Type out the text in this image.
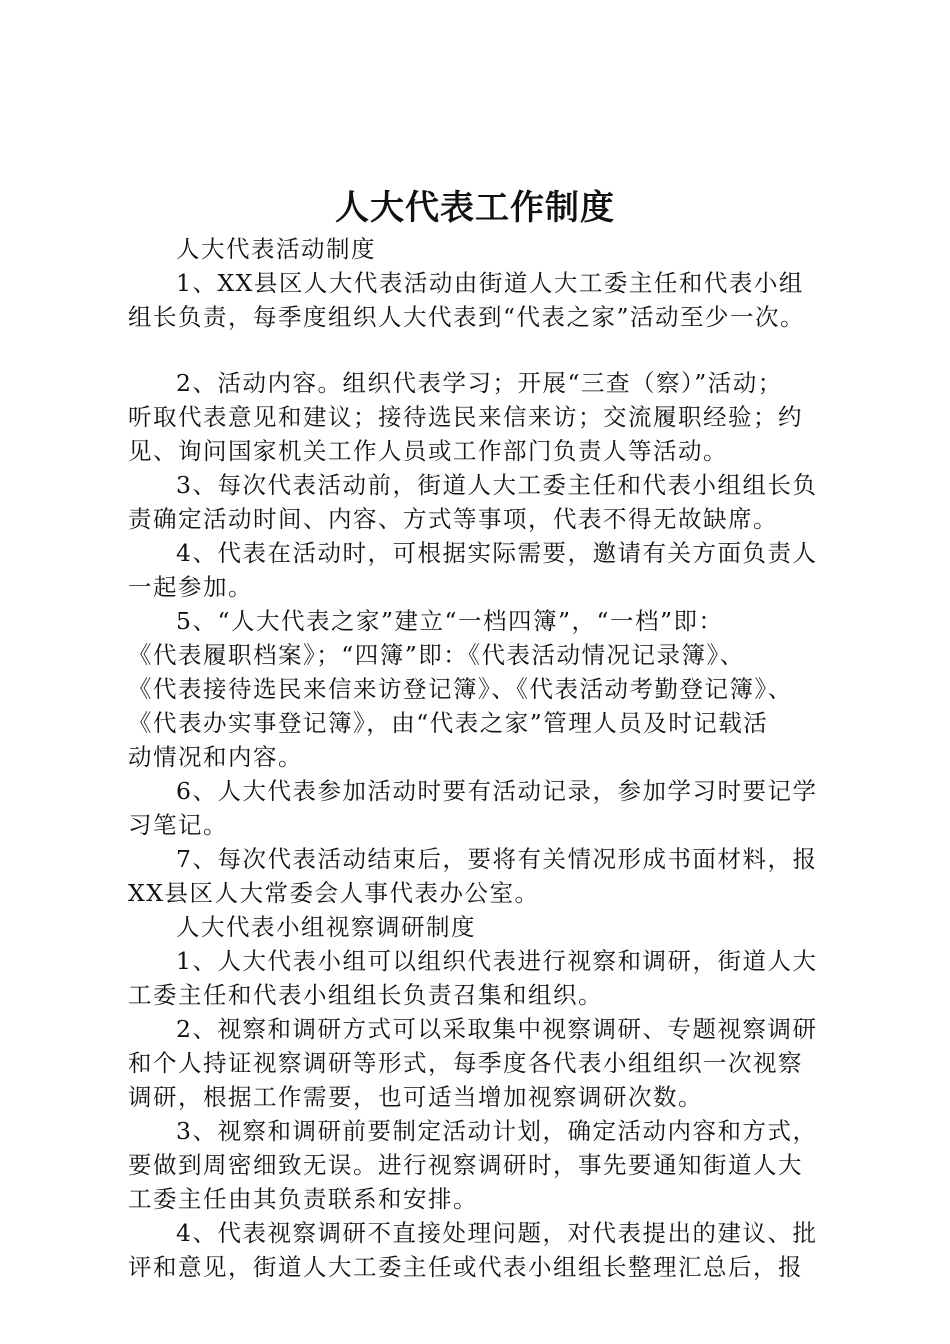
人大代表工作制度
人大代表活动制度
1、XX县区人大代表活动由街道人大工委主任和代表小组
组长负责，每季度组织人大代表到“代表之家”活动至少一次。
2、活动内容。组织代表学习；开展“三查（察）”活动；
听取代表意见和建议；接待选民来信来访；交流履职经验；约
见、询问国家机关工作人员或工作部门负责人等活动。
3、每次代表活动前，街道人大工委主任和代表小组组长负
责确定活动时间、内容、方式等事项，代表不得无故缺席。
4、代表在活动时，可根据实际需要，邀请有关方面负责人
一起参加。
5、“人大代表之家”建立“一档四簿”，“一档”即：
《代表履职档案》；“四簿”即：《代表活动情况记录簿》、
《代表接待选民来信来访登记簿》、《代表活动考勤登记簿》、
《代表办实事登记簿》，由“代表之家”管理人员及时记载活
动情况和内容。
6、人大代表参加活动时要有活动记录，参加学习时要记学
习笔记。
7、每次代表活动结束后，要将有关情况形成书面材料，报
XX县区人大常委会人事代表办公室。
人大代表小组视察调研制度
1、人大代表小组可以组织代表进行视察和调研，街道人大
工委主任和代表小组组长负责召集和组织。
2、视察和调研方式可以采取集中视察调研、专题视察调研
和个人持证视察调研等形式，每季度各代表小组组织一次视察
调研，根据工作需要，也可适当增加视察调研次数。
3、视察和调研前要制定活动计划，确定活动内容和方式，
要做到周密细致无误。进行视察调研时，事先要通知街道人大
工委主任由其负责联系和安排。
4、代表视察调研不直接处理问题，对代表提出的建议、批
评和意见，街道人大工委主任或代表小组组长整理汇总后，报
